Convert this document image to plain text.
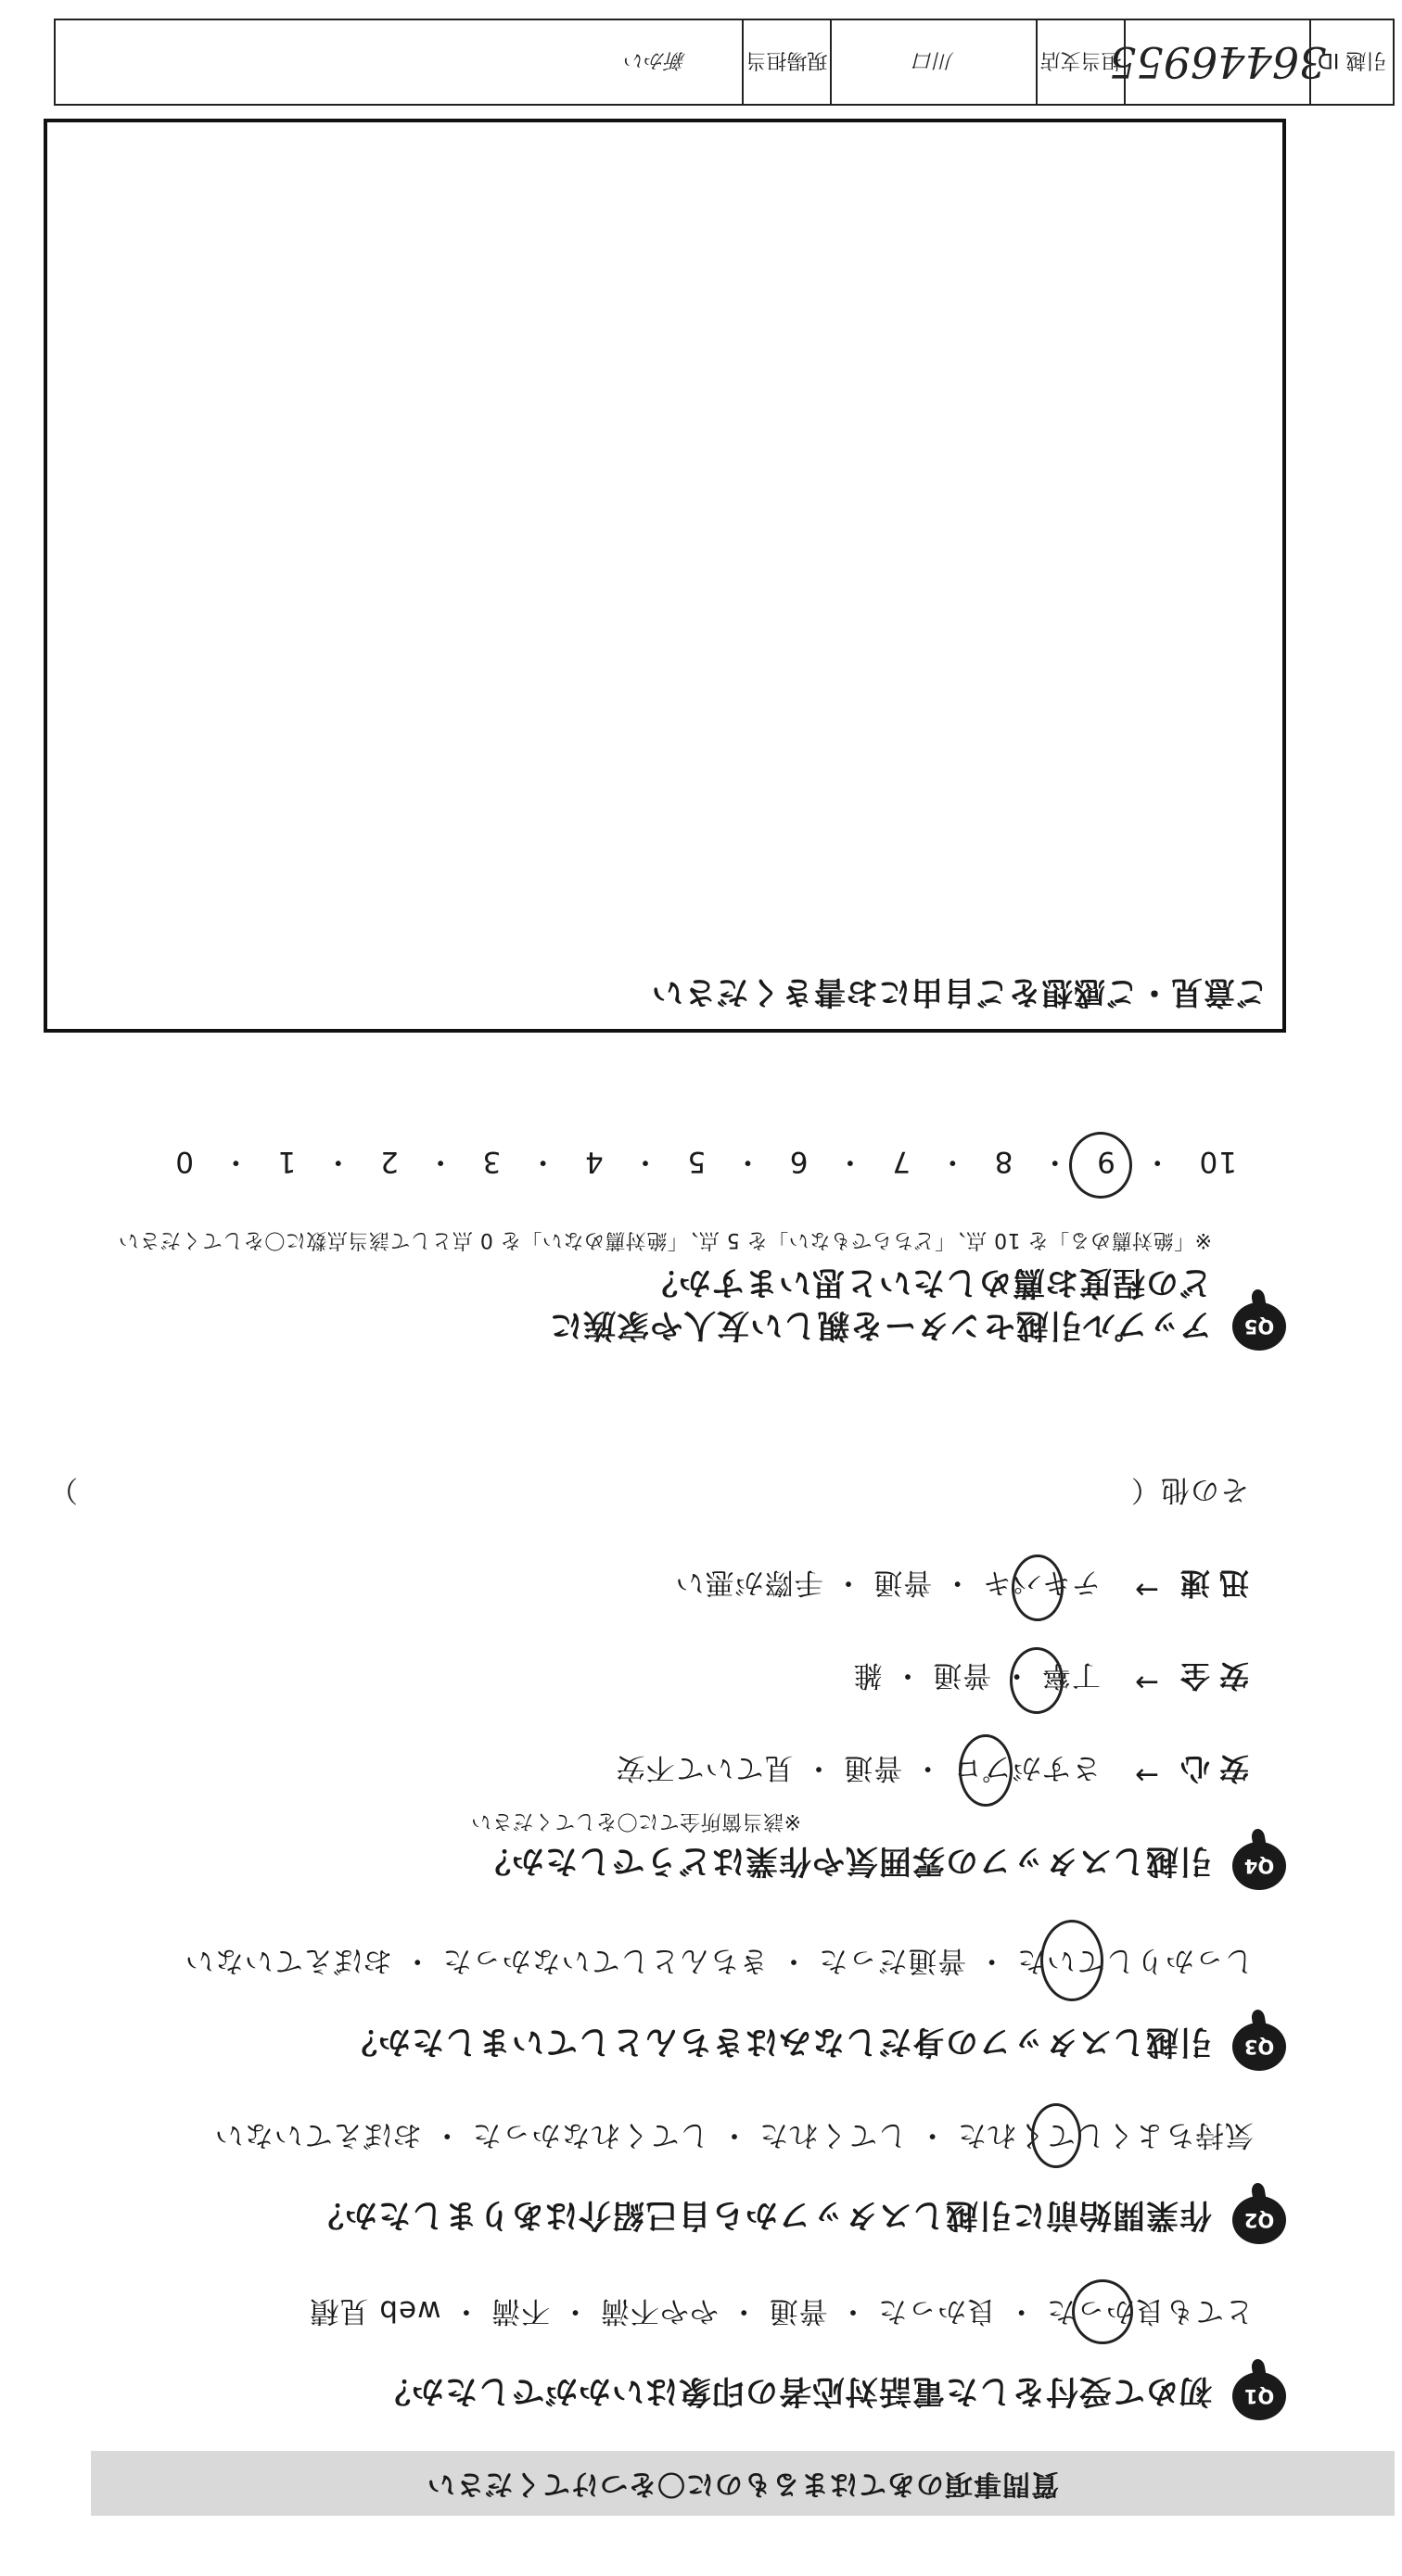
質問事項のあてはまるものに〇をつけてください
Q1
初めて受付をした電話対応者の印象はいかがでしたか？
とても良かった ・ 良かった ・ 普通 ・ やや不満 ・ 不満 ・ web 見積
Q2
作業開始前に引越しスタッフから自己紹介はありましたか？
気持ちよくしてくれた ・ してくれた ・ してくれなかった ・ おぼえていない
Q3
引越しスタッフの身だしなみはきちんとしていましたか？
しっかりしていた ・ 普通だった ・ きちんとしていなかった ・ おぼえていない
Q4
引越しスタッフの雰囲気や作業はどうでしたか？
※該当箇所全てに〇をしてください
安心
→
さすがプロ ・ 普通 ・ 見ていて不安
安全
→
丁寧 ・ 普通 ・ 雑
迅速
→
テキパキ ・ 普通 ・ 手際が悪い
その他（
）
Q5
アップル引越センターを親しい友人や家族に
どの程度お薦めしたいと思いますか？
※「絶対薦める」を 10 点、「どちらでもない」を 5 点、「絶対薦めない」を 0 点として該当点数に〇をしてください
10 ・ 9 ・ 8 ・ 7 ・ 6 ・ 5 ・ 4 ・ 3 ・ 2 ・ 1 ・ 0
ご意見・ご感想をご自由にお書きください
引越 ID
36446955
担当支店
川口
現場担当
新かい
